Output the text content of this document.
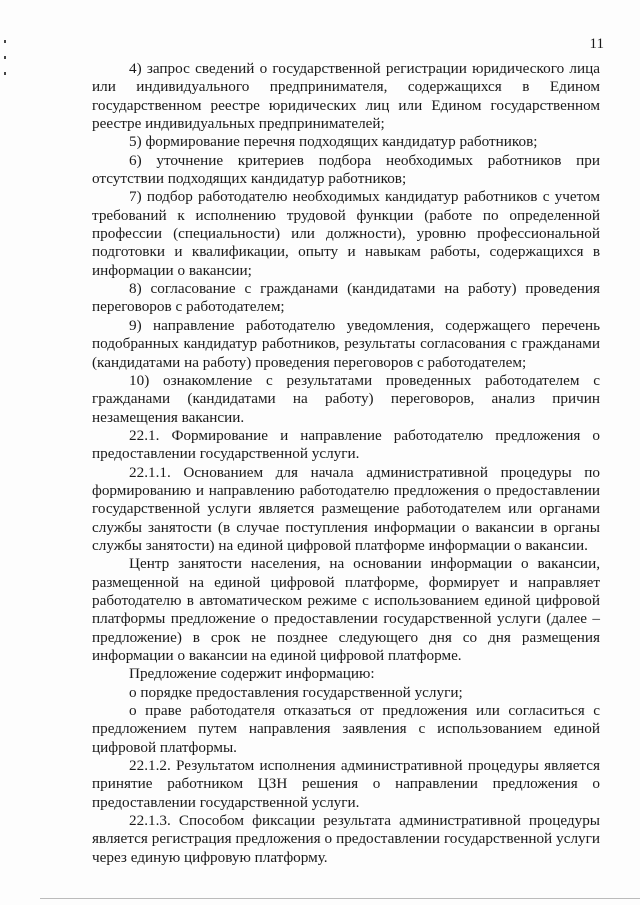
11

4) запрос сведений о государственной регистрации юридического лица или индивидуального предпринимателя, содержащихся в Едином государственном реестре юридических лиц или Едином государственном реестре индивидуальных предпринимателей;

5) формирование перечня подходящих кандидатур работников;

6) уточнение критериев подбора необходимых работников при отсутствии подходящих кандидатур работников;

7) подбор работодателю необходимых кандидатур работников с учетом требований к исполнению трудовой функции (работе по определенной профессии (специальности) или должности), уровню профессиональной подготовки и квалификации, опыту и навыкам работы, содержащихся в информации о вакансии;

8) согласование с гражданами (кандидатами на работу) проведения переговоров с работодателем;

9) направление работодателю уведомления, содержащего перечень подобранных кандидатур работников, результаты согласования с гражданами (кандидатами на работу) проведения переговоров с работодателем;

10) ознакомление с результатами проведенных работодателем с гражданами (кандидатами на работу) переговоров, анализ причин незамещения вакансии.

22.1. Формирование и направление работодателю предложения о предоставлении государственной услуги.

22.1.1. Основанием для начала административной процедуры по формированию и направлению работодателю предложения о предоставлении государственной услуги является размещение работодателем или органами службы занятости (в случае поступления информации о вакансии в органы службы занятости) на единой цифровой платформе информации о вакансии.

Центр занятости населения, на основании информации о вакансии, размещенной на единой цифровой платформе, формирует и направляет работодателю в автоматическом режиме с использованием единой цифровой платформы предложение о предоставлении государственной услуги (далее – предложение) в срок не позднее следующего дня со дня размещения информации о вакансии на единой цифровой платформе.

Предложение содержит информацию:

о порядке предоставления государственной услуги;

о праве работодателя отказаться от предложения или согласиться с предложением путем направления заявления с использованием единой цифровой платформы.

22.1.2. Результатом исполнения административной процедуры является принятие работником ЦЗН решения о направлении предложения о предоставлении государственной услуги.

22.1.3. Способом фиксации результата административной процедуры является регистрация предложения о предоставлении государственной услуги через единую цифровую платформу.
